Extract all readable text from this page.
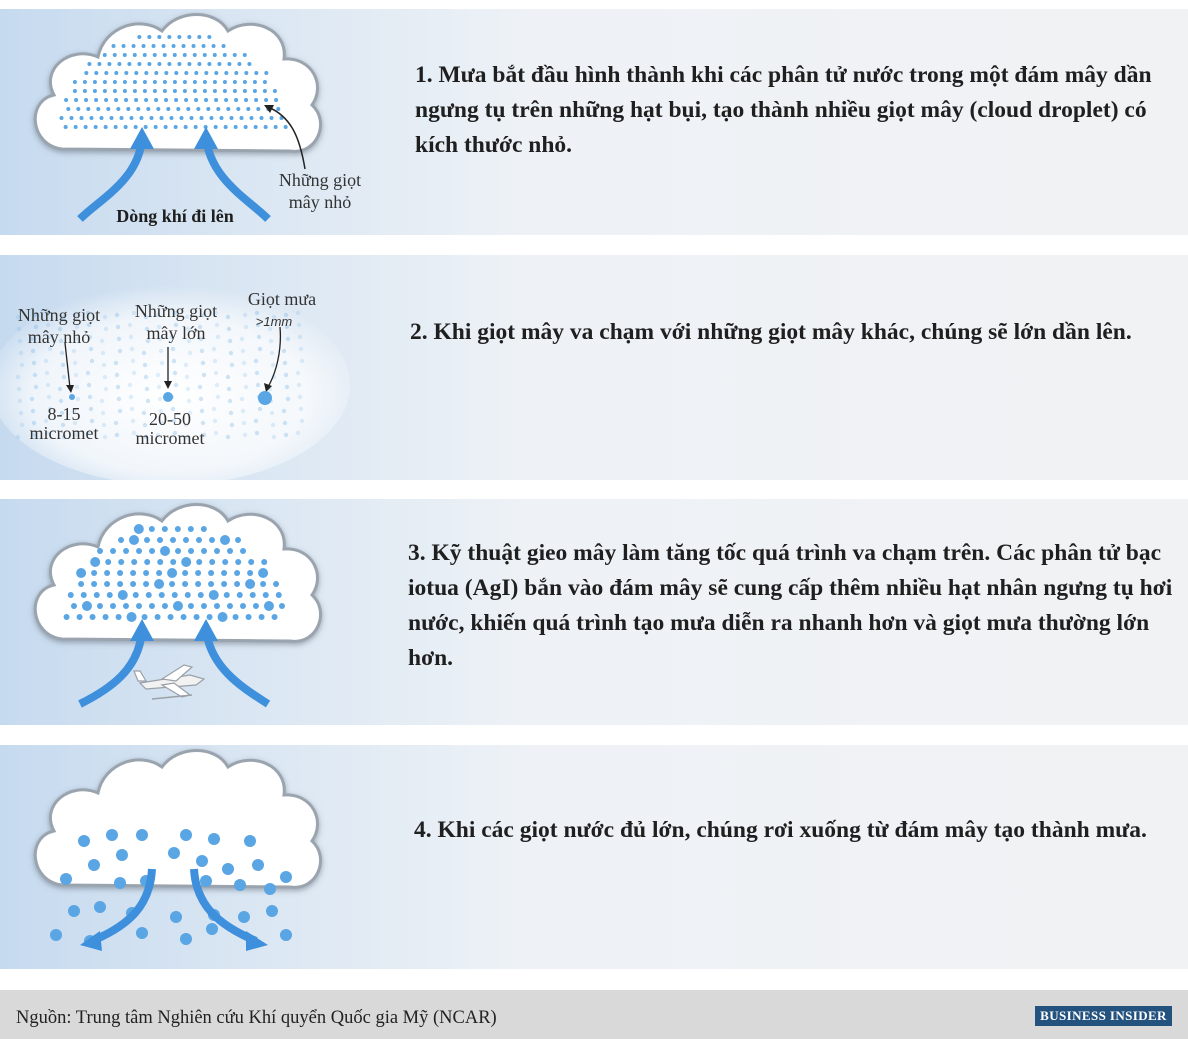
Dòng khí đi lên

Những giọt
mây nhỏ

1. Mưa bắt đầu hình thành khi các phân tử nước trong một đám mây dần ngưng tụ trên những hạt bụi, tạo thành nhiều giọt mây (cloud droplet) có kích thước nhỏ.

Những giọt
mây nhỏ

Những giọt
mây lớn

Giọt mưa

>1mm

8-15
micromet

20-50
micromet

2. Khi giọt mây va chạm với những giọt mây khác, chúng sẽ lớn dần lên.

3. Kỹ thuật gieo mây làm tăng tốc quá trình va chạm trên. Các phân tử bạc iotua (AgI) bắn vào đám mây sẽ cung cấp thêm nhiều hạt nhân ngưng tụ hơi nước, khiến quá trình tạo mưa diễn ra nhanh hơn và giọt mưa thường lớn hơn.

4. Khi các giọt nước đủ lớn, chúng rơi xuống từ đám mây tạo thành mưa.

Nguồn: Trung tâm Nghiên cứu Khí quyển Quốc gia Mỹ (NCAR)	BUSINESS INSIDER
